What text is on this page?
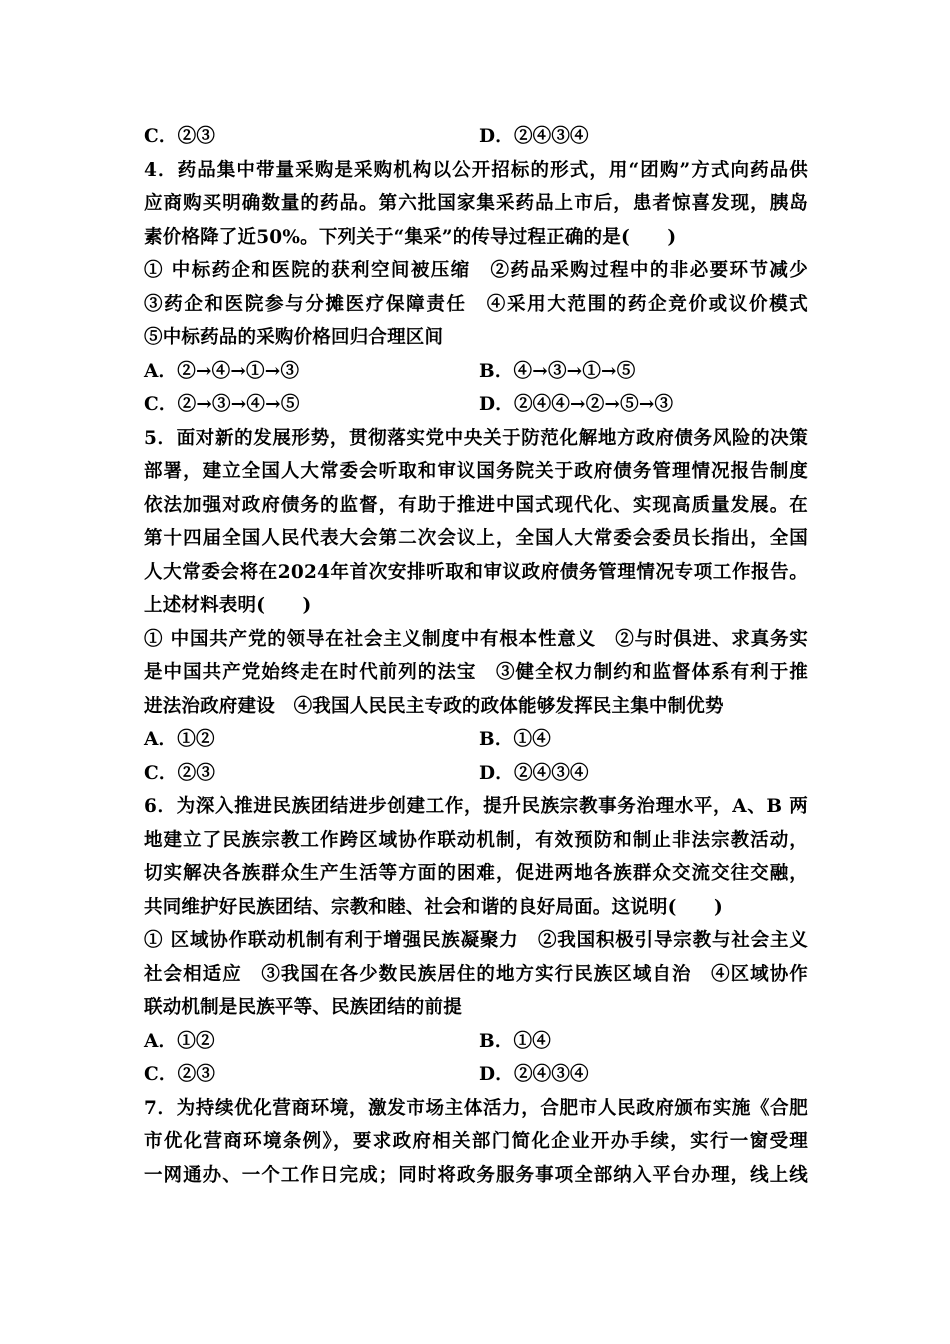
C．②③	D．②④③④
4．药品集中带量采购是采购机构以公开招标的形式，用“团购”方式向药品供
应商购买明确数量的药品。第六批国家集采药品上市后，患者惊喜发现，胰岛
素价格降了近50%。下列关于“集采”的传导过程正确的是(　　)
① 中标药企和医院的获利空间被压缩　②药品采购过程中的非必要环节减少
③药企和医院参与分摊医疗保障责任　④采用大范围的药企竞价或议价模式
⑤中标药品的采购价格回归合理区间
A．②→④→①→③	B．④→③→①→⑤
C．②→③→④→⑤	D．②④④→②→⑤→③
5．面对新的发展形势，贯彻落实党中央关于防范化解地方政府债务风险的决策
部署，建立全国人大常委会听取和审议国务院关于政府债务管理情况报告制度
依法加强对政府债务的监督，有助于推进中国式现代化、实现高质量发展。在
第十四届全国人民代表大会第二次会议上，全国人大常委会委员长指出，全国
人大常委会将在2024年首次安排听取和审议政府债务管理情况专项工作报告。
上述材料表明(　　)
① 中国共产党的领导在社会主义制度中有根本性意义　②与时俱进、求真务实
是中国共产党始终走在时代前列的法宝　③健全权力制约和监督体系有利于推
进法治政府建设　④我国人民民主专政的政体能够发挥民主集中制优势
A．①②	B．①④
C．②③	D．②④③④
6．为深入推进民族团结进步创建工作，提升民族宗教事务治理水平，A、B 两
地建立了民族宗教工作跨区域协作联动机制，有效预防和制止非法宗教活动，
切实解决各族群众生产生活等方面的困难，促进两地各族群众交流交往交融，
共同维护好民族团结、宗教和睦、社会和谐的良好局面。这说明(　　)
① 区域协作联动机制有利于增强民族凝聚力　②我国积极引导宗教与社会主义
社会相适应　③我国在各少数民族居住的地方实行民族区域自治　④区域协作
联动机制是民族平等、民族团结的前提
A．①②	B．①④
C．②③	D．②④③④
7．为持续优化营商环境，激发市场主体活力，合肥市人民政府颁布实施《合肥
市优化营商环境条例》，要求政府相关部门简化企业开办手续，实行一窗受理
一网通办、一个工作日完成；同时将政务服务事项全部纳入平台办理，线上线
